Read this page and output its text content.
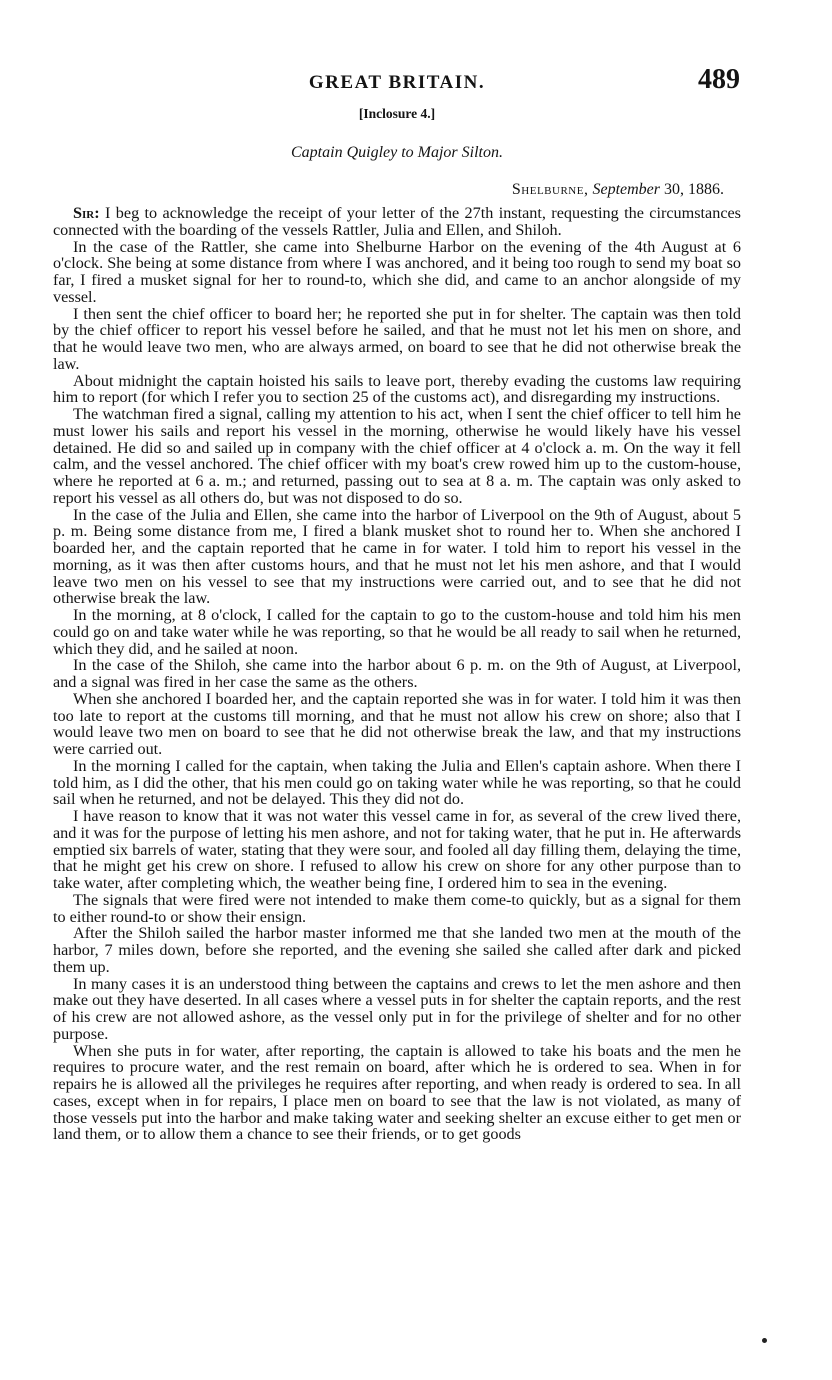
GREAT BRITAIN.	489
[Inclosure 4.]
Captain Quigley to Major Silton.
Shelburne, September 30, 1886.

Sir: I beg to acknowledge the receipt of your letter of the 27th instant, requesting the circumstances connected with the boarding of the vessels Rattler, Julia and Ellen, and Shiloh.

In the case of the Rattler, she came into Shelburne Harbor on the evening of the 4th August at 6 o'clock. She being at some distance from where I was anchored, and it being too rough to send my boat so far, I fired a musket signal for her to round-to, which she did, and came to an anchor alongside of my vessel.

I then sent the chief officer to board her; he reported she put in for shelter. The captain was then told by the chief officer to report his vessel before he sailed, and that he must not let his men on shore, and that he would leave two men, who are always armed, on board to see that he did not otherwise break the law.

About midnight the captain hoisted his sails to leave port, thereby evading the customs law requiring him to report (for which I refer you to section 25 of the customs act), and disregarding my instructions.

The watchman fired a signal, calling my attention to his act, when I sent the chief officer to tell him he must lower his sails and report his vessel in the morning, otherwise he would likely have his vessel detained. He did so and sailed up in company with the chief officer at 4 o'clock a. m. On the way it fell calm, and the vessel anchored. The chief officer with my boat's crew rowed him up to the custom-house, where he reported at 6 a. m.; and returned, passing out to sea at 8 a. m. The captain was only asked to report his vessel as all others do, but was not disposed to do so.

In the case of the Julia and Ellen, she came into the harbor of Liverpool on the 9th of August, about 5 p. m. Being some distance from me, I fired a blank musket shot to round her to. When she anchored I boarded her, and the captain reported that he came in for water. I told him to report his vessel in the morning, as it was then after customs hours, and that he must not let his men ashore, and that I would leave two men on his vessel to see that my instructions were carried out, and to see that he did not otherwise break the law.

In the morning, at 8 o'clock, I called for the captain to go to the custom-house and told him his men could go on and take water while he was reporting, so that he would be all ready to sail when he returned, which they did, and he sailed at noon.

In the case of the Shiloh, she came into the harbor about 6 p. m. on the 9th of August, at Liverpool, and a signal was fired in her case the same as the others.

When she anchored I boarded her, and the captain reported she was in for water. I told him it was then too late to report at the customs till morning, and that he must not allow his crew on shore; also that I would leave two men on board to see that he did not otherwise break the law, and that my instructions were carried out.

In the morning I called for the captain, when taking the Julia and Ellen's captain ashore. When there I told him, as I did the other, that his men could go on taking water while he was reporting, so that he could sail when he returned, and not be delayed. This they did not do.

I have reason to know that it was not water this vessel came in for, as several of the crew lived there, and it was for the purpose of letting his men ashore, and not for taking water, that he put in. He afterwards emptied six barrels of water, stating that they were sour, and fooled all day filling them, delaying the time, that he might get his crew on shore. I refused to allow his crew on shore for any other purpose than to take water, after completing which, the weather being fine, I ordered him to sea in the evening.

The signals that were fired were not intended to make them come-to quickly, but as a signal for them to either round-to or show their ensign.

After the Shiloh sailed the harbor master informed me that she landed two men at the mouth of the harbor, 7 miles down, before she reported, and the evening she sailed she called after dark and picked them up.

In many cases it is an understood thing between the captains and crews to let the men ashore and then make out they have deserted. In all cases where a vessel puts in for shelter the captain reports, and the rest of his crew are not allowed ashore, as the vessel only put in for the privilege of shelter and for no other purpose.

When she puts in for water, after reporting, the captain is allowed to take his boats and the men he requires to procure water, and the rest remain on board, after which he is ordered to sea. When in for repairs he is allowed all the privileges he requires after reporting, and when ready is ordered to sea. In all cases, except when in for repairs, I place men on board to see that the law is not violated, as many of those vessels put into the harbor and make taking water and seeking shelter an excuse either to get men or land them, or to allow them a chance to see their friends, or to get goods
